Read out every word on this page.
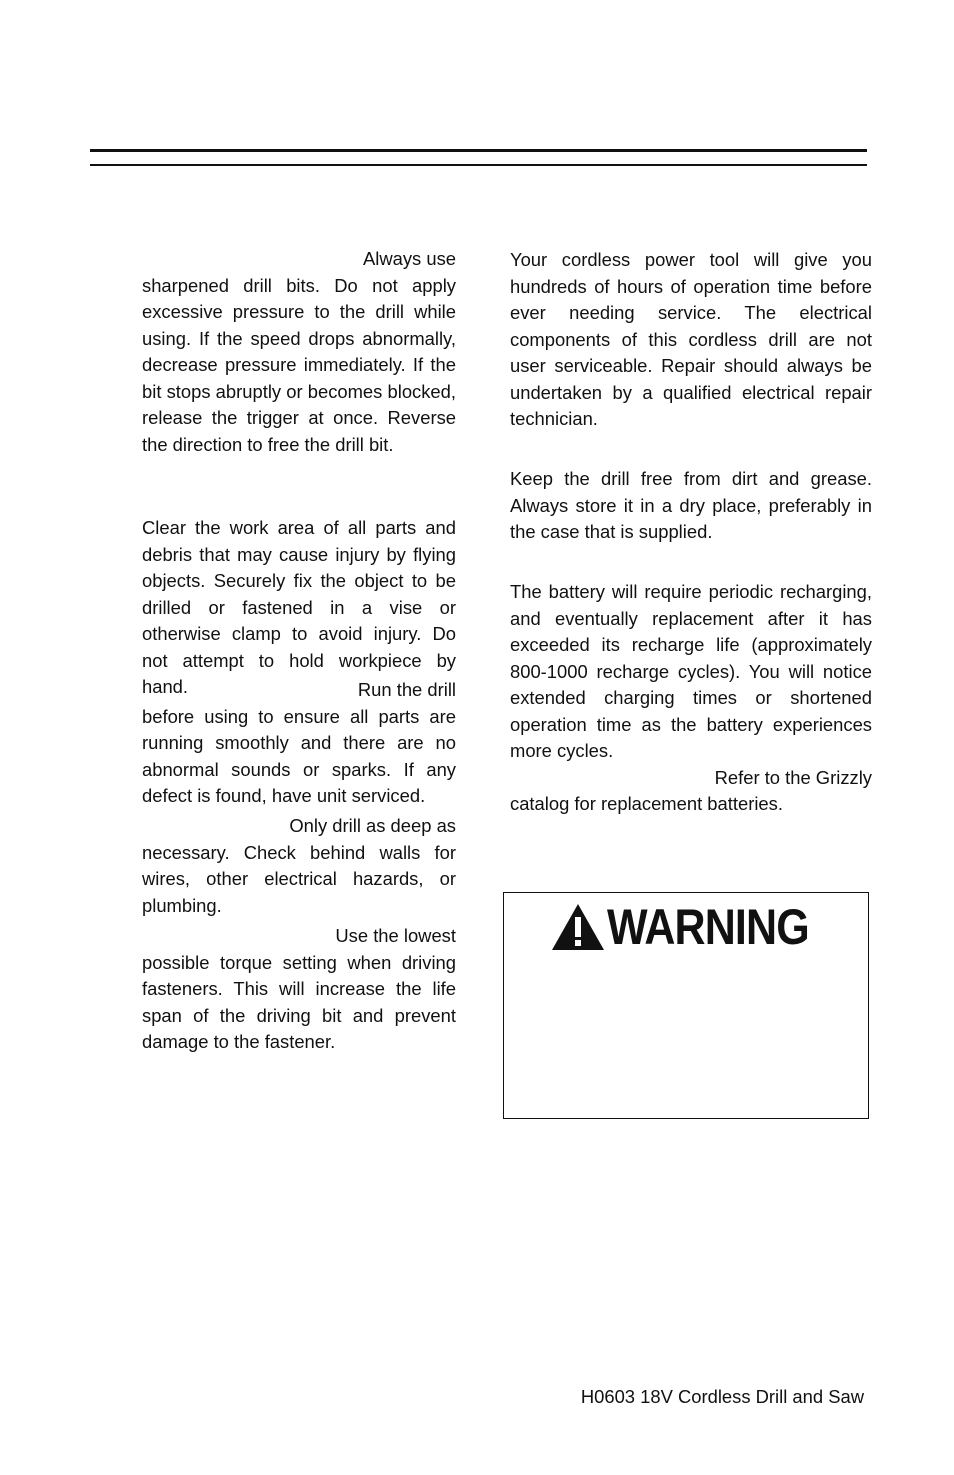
Always use
sharpened drill bits. Do not apply excessive pressure to the drill while using. If the speed drops abnormally, decrease pressure immediately. If the bit stops abruptly or becomes blocked, release the trigger at once. Reverse the direction to free the drill bit.

Clear the work area of all parts and debris that may cause injury by flying objects. Securely fix the object to be drilled or fastened in a vise or otherwise clamp to avoid injury. Do not attempt to hold workpiece by hand.	Run the drill
before using to ensure all parts are running smoothly and there are no abnormal sounds or sparks. If any defect is found, have unit serviced.

Only drill as deep as
necessary. Check behind walls for wires, other electrical hazards, or plumbing.

Use the lowest
possible torque setting when driving fasteners. This will increase the life span of the driving bit and prevent damage to the fastener.

Your cordless power tool will give you hundreds of hours of operation time before ever needing service. The electrical components of this cordless drill are not user serviceable. Repair should always be undertaken by a qualified electrical repair technician.

Keep the drill free from dirt and grease. Always store it in a dry place, preferably in the case that is supplied.

The battery will require periodic recharging, and eventually replacement after it has exceeded its recharge life (approximately 800-1000 recharge cycles). You will notice extended charging times or shortened operation time as the battery experiences more cycles.
Refer to the Grizzly
catalog for replacement batteries.

WARNING
H0603 18V Cordless Drill and Saw
